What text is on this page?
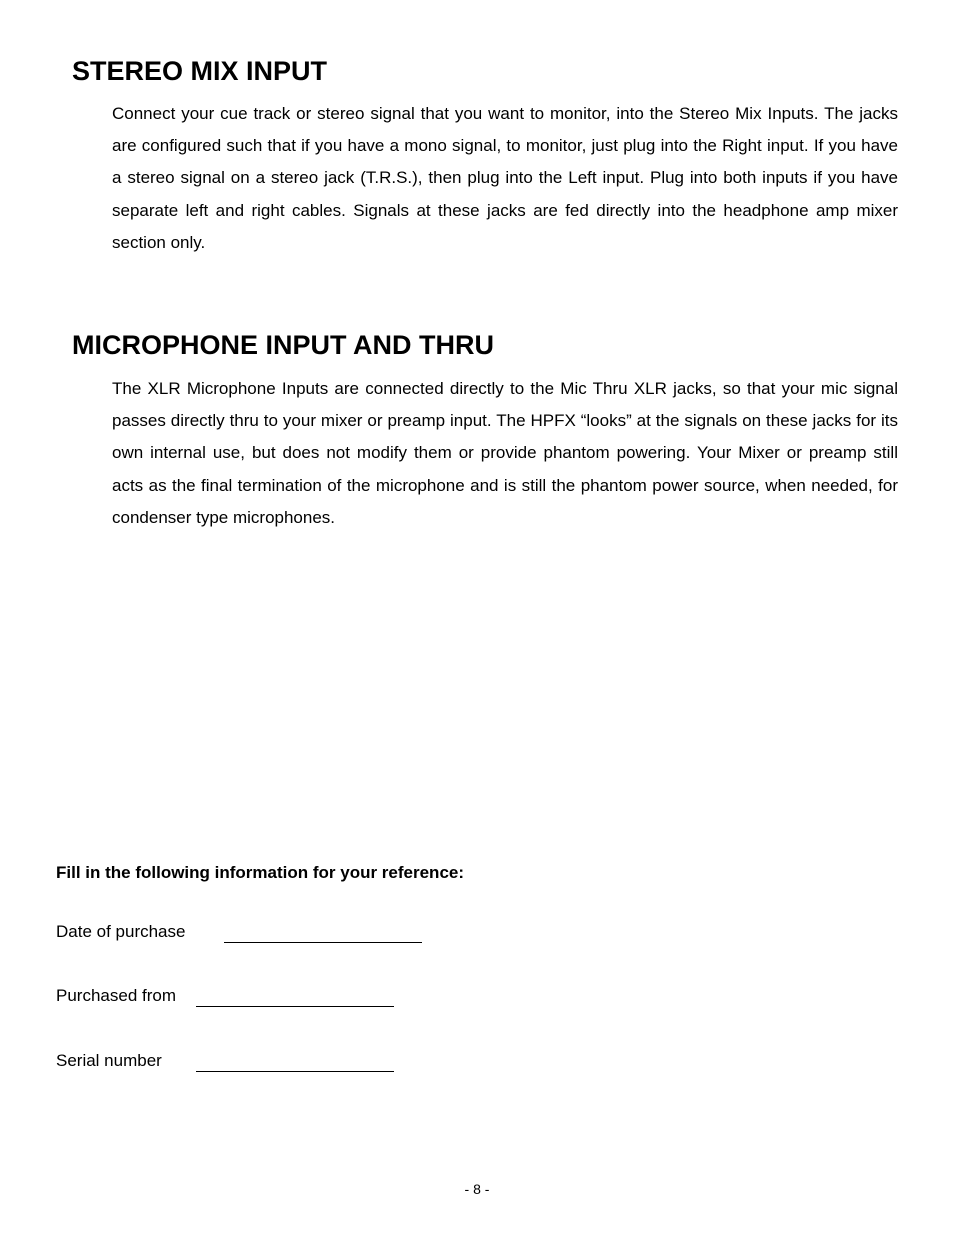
STEREO MIX INPUT

Connect your cue track or stereo signal that you want to monitor, into the Stereo Mix Inputs. The jacks are configured such that if you have a mono signal, to monitor, just plug into the Right input. If you have a stereo signal on a stereo jack (T.R.S.), then plug into the Left input. Plug into both inputs if you have separate left and right cables. Signals at these jacks are fed directly into the headphone amp mixer section only.

MICROPHONE INPUT AND THRU

The XLR Microphone Inputs are connected directly to the Mic Thru XLR jacks, so that your mic signal passes directly thru to your mixer or preamp input. The HPFX “looks” at the signals on these jacks for its own internal use, but does not modify them or provide phantom powering. Your Mixer or preamp still acts as the final termination of the microphone and is still the phantom power source, when needed, for condenser type microphones.

Fill in the following information for your reference:
Date of purchase
Purchased from
Serial number
- 8 -
